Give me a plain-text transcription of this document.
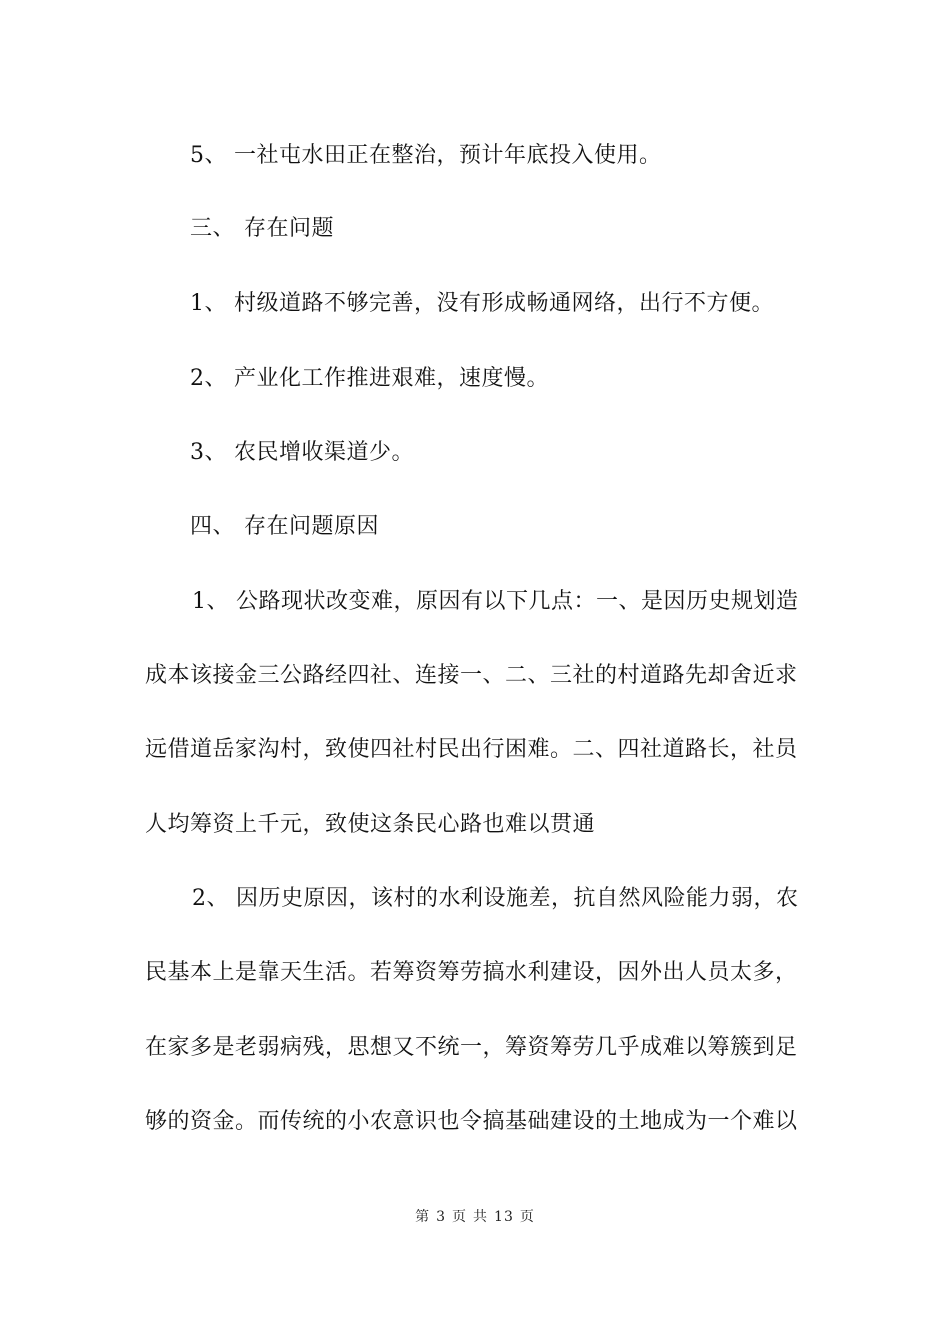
5、 一社屯水田正在整治，预计年底投入使用。
三、 存在问题
1、 村级道路不够完善，没有形成畅通网络，出行不方便。
2、 产业化工作推进艰难，速度慢。
3、 农民增收渠道少。
四、 存在问题原因
1、 公路现状改变难，原因有以下几点：一、是因历史规划造
成本该接金三公路经四社、连接一、二、三社的村道路先却舍近求
远借道岳家沟村，致使四社村民出行困难。二、四社道路长，社员
人均筹资上千元，致使这条民心路也难以贯通
2、 因历史原因，该村的水利设施差，抗自然风险能力弱，农
民基本上是靠天生活。若筹资筹劳搞水利建设，因外出人员太多，
在家多是老弱病残，思想又不统一，筹资筹劳几乎成难以筹簇到足
够的资金。而传统的小农意识也令搞基础建设的土地成为一个难以
第 3 页 共 13 页
